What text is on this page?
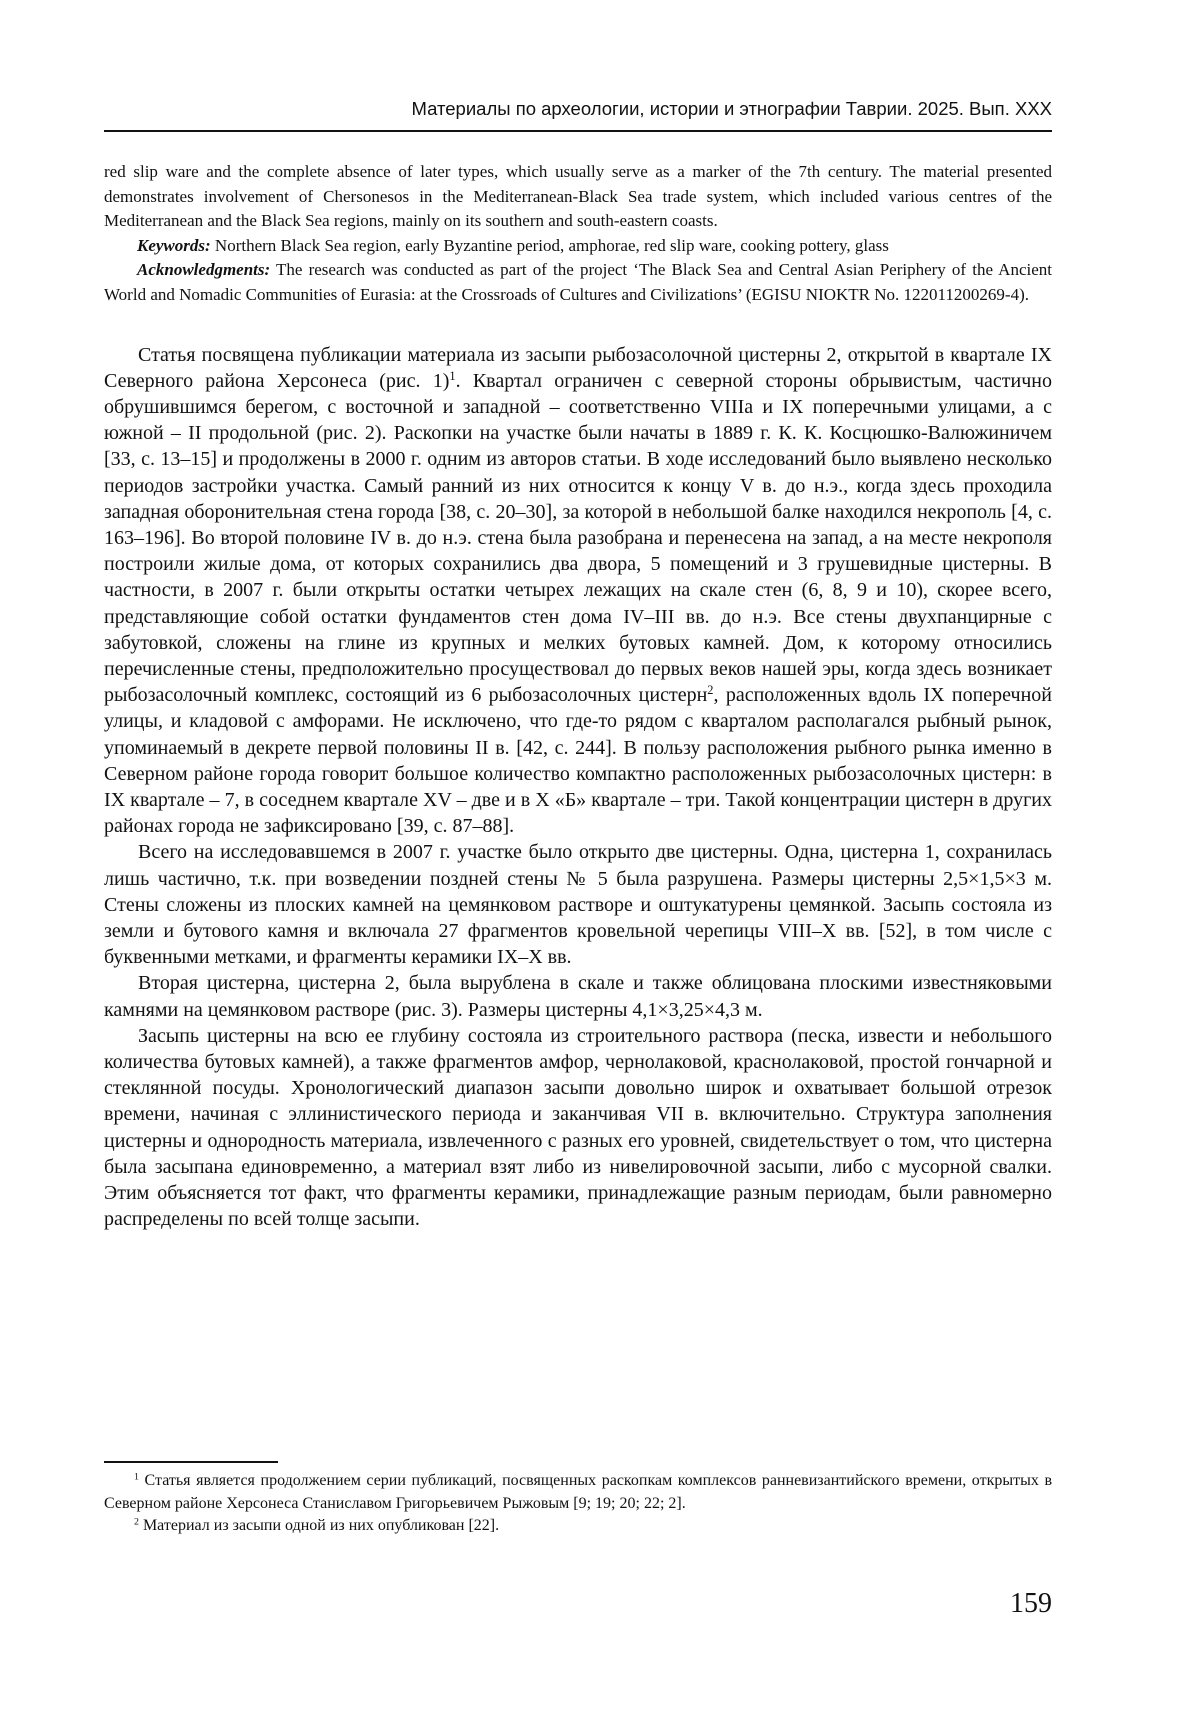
Материалы по археологии, истории и этнографии Таврии. 2025. Вып. XXX

red slip ware and the complete absence of later types, which usually serve as a marker of the 7th century. The material presented demonstrates involvement of Chersonesos in the Mediterranean-Black Sea trade system, which included various centres of the Mediterranean and the Black Sea regions, mainly on its southern and south-eastern coasts.

Keywords: Northern Black Sea region, early Byzantine period, amphorae, red slip ware, cooking pottery, glass

Acknowledgments: The research was conducted as part of the project ‘The Black Sea and Central Asian Periphery of the Ancient World and Nomadic Communities of Eurasia: at the Crossroads of Cultures and Civilizations’ (EGISU NIOKTR No. 122011200269-4).

Статья посвящена публикации материала из засыпи рыбозасолочной цистерны 2, открытой в квартале IX Северного района Херсонеса (рис. 1)$^1$. Квартал ограничен с северной стороны обрывистым, частично обрушившимся берегом, с восточной и западной – соответственно VIIIа и IX поперечными улицами, а с южной – II продольной (рис. 2). Раскопки на участке были начаты в 1889 г. К. К. Косцюшко-Валюжиничем [33, с. 13–15] и продолжены в 2000 г. одним из авторов статьи. В ходе исследований было выявлено несколько периодов застройки участка. Самый ранний из них относится к концу V в. до н.э., когда здесь проходила западная оборонительная стена города [38, с. 20–30], за которой в небольшой балке находился некрополь [4, с. 163–196]. Во второй половине IV в. до н.э. стена была разобрана и перенесена на запад, а на месте некрополя построили жилые дома, от которых сохранились два двора, 5 помещений и 3 грушевидные цистерны. В частности, в 2007 г. были открыты остатки четырех лежащих на скале стен (6, 8, 9 и 10), скорее всего, представляющие собой остатки фундаментов стен дома IV–III вв. до н.э. Все стены двухпанцирные с забутовкой, сложены на глине из крупных и мелких бутовых камней. Дом, к которому относились перечисленные стены, предположительно просуществовал до первых веков нашей эры, когда здесь возникает рыбозасолочный комплекс, состоящий из 6 рыбозасолочных цистерн$^2$, расположенных вдоль IX поперечной улицы, и кладовой с амфорами. Не исключено, что где-то рядом с кварталом располагался рыбный рынок, упоминаемый в декрете первой половины II в. [42, с. 244]. В пользу расположения рыбного рынка именно в Северном районе города говорит большое количество компактно расположенных рыбозасолочных цистерн: в IX квартале – 7, в соседнем квартале XV – две и в X «Б» квартале – три. Такой концентрации цистерн в других районах города не зафиксировано [39, с. 87–88].

Всего на исследовавшемся в 2007 г. участке было открыто две цистерны. Одна, цистерна 1, сохранилась лишь частично, т.к. при возведении поздней стены № 5 была разрушена. Размеры цистерны 2,5×1,5×3 м. Стены сложены из плоских камней на цемянковом растворе и оштукатурены цемянкой. Засыпь состояла из земли и бутового камня и включала 27 фрагментов кровельной черепицы VIII–X вв. [52], в том числе с буквенными метками, и фрагменты керамики IX–X вв.

Вторая цистерна, цистерна 2, была вырублена в скале и также облицована плоскими известняковыми камнями на цемянковом растворе (рис. 3). Размеры цистерны 4,1×3,25×4,3 м.

Засыпь цистерны на всю ее глубину состояла из строительного раствора (песка, извести и небольшого количества бутовых камней), а также фрагментов амфор, чернолаковой, краснолаковой, простой гончарной и стеклянной посуды. Хронологический диапазон засыпи довольно широк и охватывает большой отрезок времени, начиная с эллинистического периода и заканчивая VII в. включительно. Структура заполнения цистерны и однородность материала, извлеченного с разных его уровней, свидетельствует о том, что цистерна была засыпана единовременно, а материал взят либо из нивелировочной засыпи, либо с мусорной свалки. Этим объясняется тот факт, что фрагменты керамики, принадлежащие разным периодам, были равномерно распределены по всей толще засыпи.

$^1$ Статья является продолжением серии публикаций, посвященных раскопкам комплексов ранневизантийского времени, открытых в Северном районе Херсонеса Станиславом Григорьевичем Рыжовым [9; 19; 20; 22; 2].

$^2$ Материал из засыпи одной из них опубликован [22].

159
